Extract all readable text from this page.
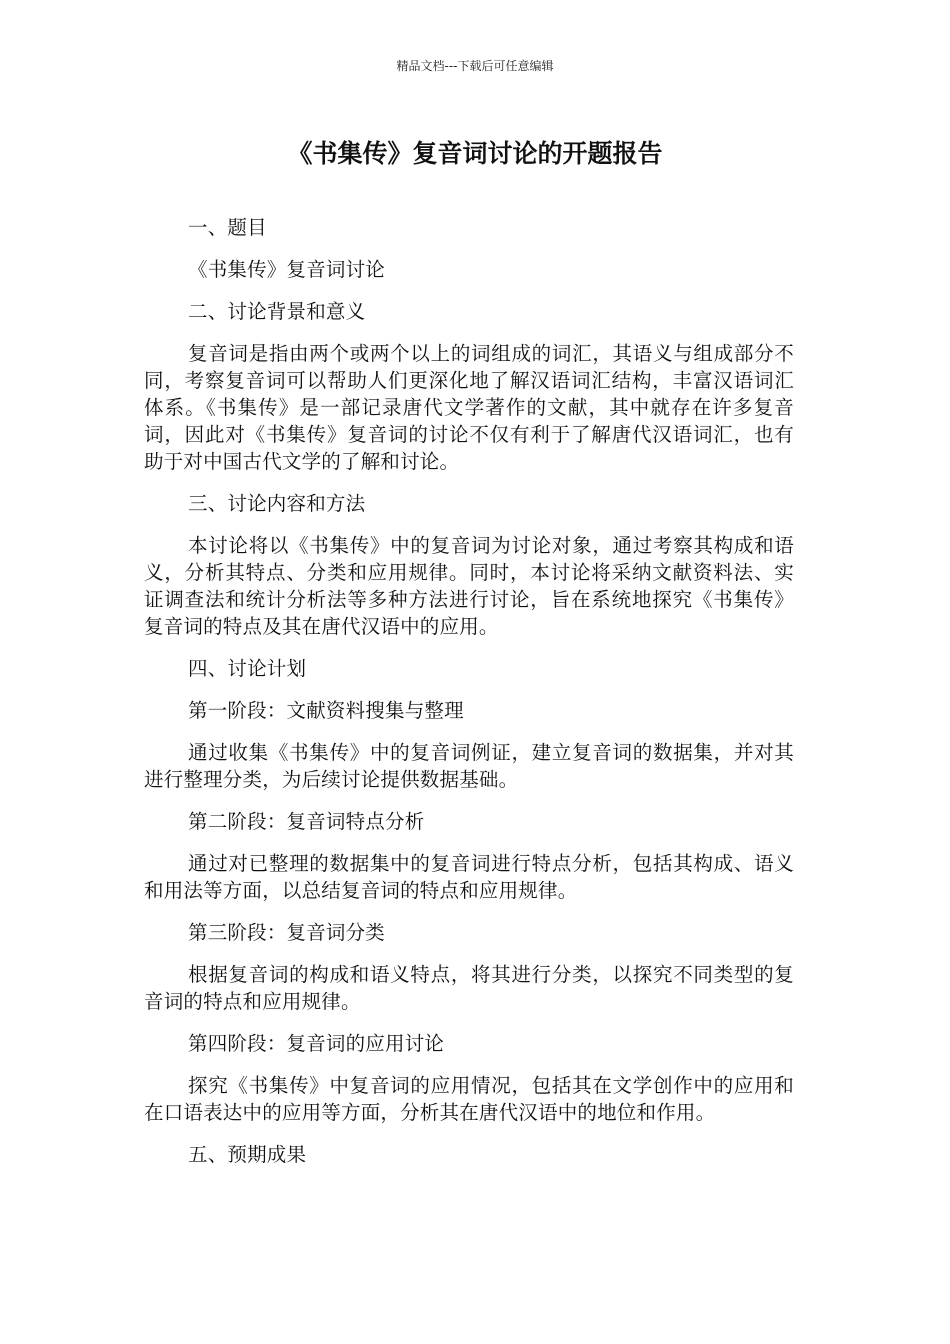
精品文档---下载后可任意编辑
《书集传》复音词讨论的开题报告

一、题目

《书集传》复音词讨论

二、讨论背景和意义

复音词是指由两个或两个以上的词组成的词汇，其语义与组成部分不同，考察复音词可以帮助人们更深化地了解汉语词汇结构，丰富汉语词汇体系。《书集传》是一部记录唐代文学著作的文献，其中就存在许多复音词，因此对《书集传》复音词的讨论不仅有利于了解唐代汉语词汇，也有助于对中国古代文学的了解和讨论。

三、讨论内容和方法

本讨论将以《书集传》中的复音词为讨论对象，通过考察其构成和语义，分析其特点、分类和应用规律。同时，本讨论将采纳文献资料法、实证调查法和统计分析法等多种方法进行讨论，旨在系统地探究《书集传》复音词的特点及其在唐代汉语中的应用。

四、讨论计划

第一阶段：文献资料搜集与整理

通过收集《书集传》中的复音词例证，建立复音词的数据集，并对其进行整理分类，为后续讨论提供数据基础。

第二阶段：复音词特点分析

通过对已整理的数据集中的复音词进行特点分析，包括其构成、语义和用法等方面，以总结复音词的特点和应用规律。

第三阶段：复音词分类

根据复音词的构成和语义特点，将其进行分类，以探究不同类型的复音词的特点和应用规律。

第四阶段：复音词的应用讨论

探究《书集传》中复音词的应用情况，包括其在文学创作中的应用和在口语表达中的应用等方面，分析其在唐代汉语中的地位和作用。

五、预期成果
